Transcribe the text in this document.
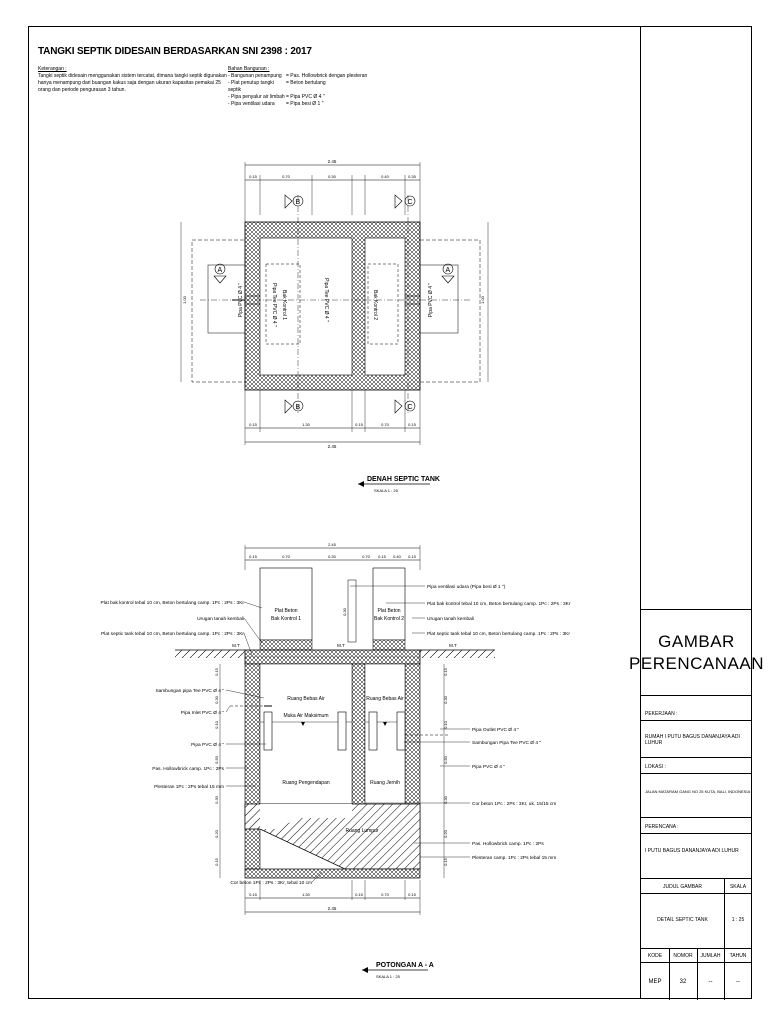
TANGKI SEPTIK DIDESAIN BERDASARKAN SNI 2398 : 2017
Keterangan :
Tangki septik didesain menggunakan sistem tercatat, dimana tangki septik digunakan hanya menampung dari buangan kakus saja dengan ukuran kapasitas pemakai 25 orang dan periode pengurasan 3 tahun.
Bahan Bangunan :
- Bangunan penampung = Pas. Hollowbrick dengan plesteran
- Plat penutup tangki septik
= Beton bertulang
- Pipa penyalur air limbah = Pipa PVC Ø 4 "
- Pipa ventilasi udara	= Pipa besi Ø 1 "
B	C
B	C
A	A
Pipa PVC Ø 4 "	Pipa Tee PVC Ø 4 " Bak Kontrol 1	Pipa Tee PVC Ø 4 "	Bak Kontrol 2	Pipa PVC Ø 4 "
2.45
0.15	0.70	0.30	0.40	0.35
0.15	1.30	0.15	0.70	0.15
2.45
1.00	1.00
DENAH SEPTIC TANK
SKALA 1 : 25
2.45
0.15	0.70	0.30	0.70 0.15 0.40 0.15
0.15
0.30
0.10
0.50
0.30
0.20
0.15
0.15
0.30
0.10
0.50
0.30
0.20
0.15
0.30
0.15	1.30	0.15	0.70	0.15
2.45
Plat Beton
Bak Kontrol 1
Plat Beton
Bak Kontrol 2
Ruang Bebas Air
Muka Air Maksimum
Ruang Bebas Air
Ruang Pengendapan	Ruang Jernih
Ruang Lumpur
M.T	M.T	M.T
Plat bak kontrol tebal 10 cm, Beton bertulang camp. 1Pc : 2Ps : 3Kr
Urugan tanah kembali
Plat septic tank tebal 10 cm, Beton bertulang camp. 1Pc : 2Ps : 3Kr
Sambungan pipa Tee PVC Ø 4 "
Pipa Inlet PVC Ø 4 "
Pipa PVC Ø 4 "
Pas. Hollowbrick camp. 1Pc : 2Ps
Plesteran 1Pc : 2Ps tebal 15 mm
Cor beton 1Pc : 2Ps : 3Kr, tebal 10 cm
Pipa ventilasi udara (Pipa besi Ø 1 ")
Plat bak kontrol tebal 10 cm, Beton bertulang camp. 1Pc : 2Ps : 3Kr
Urugan tanah kembali
Plat septic tank tebal 10 cm, Beton bertulang camp. 1Pc : 2Ps : 3Kr
Pipa Outlet PVC Ø 4 "
Sambungan Pipa Tee PVC Ø 4 "
Pipa PVC Ø 4 "
Cor beton 1Pc : 2Ps : 3Kr, uk. 15/15 cm
Pas. Hollowbrick camp. 1Pc : 2Ps
Plesteran camp. 1Pc : 2Ps tebal 15 mm
POTONGAN A - A
SKALA 1 : 25
GAMBAR
PERENCANAAN
PEKERJAAN :
RUMAH I PUTU BAGUS DANANJAYA ADI LUHUR
LOKASI :
JALAN MATARAM GANG NO 25 KUTA, BALI, INDONESIA
PERENCANA :
I PUTU BAGUS DANANJAYA ADI LUHUR
JUDUL GAMBAR	SKALA
DETAIL SEPTIC TANK	1 : 25
KODE	NOMOR	JUMLAH	TAHUN
MEP	32	--	--
